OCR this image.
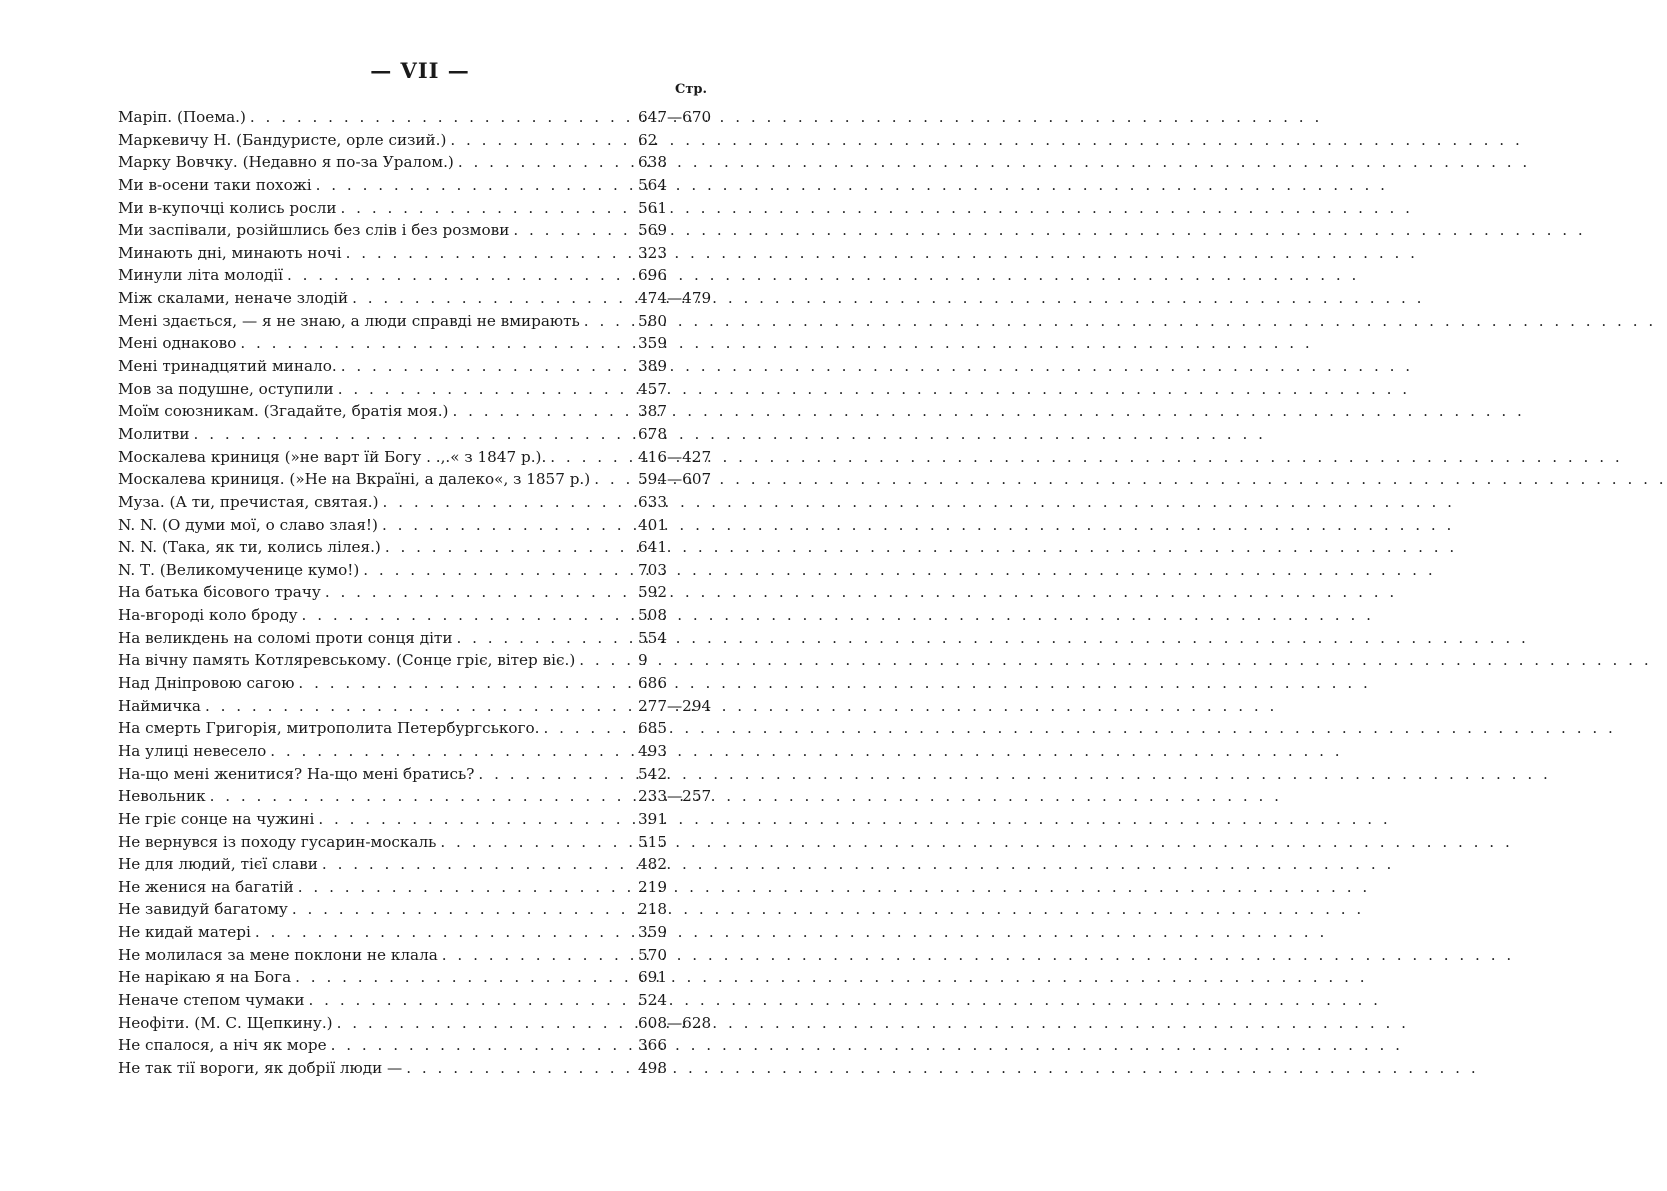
— VII —
Стр.
Маріп. (Поема.) . . .	647—670
Маркевичу Н. (Бандуристе, орле сизий.) . . .	62
Марку Вовчку. (Недавно я по-за Уралом.) . . .	638
Ми в-осени таки похожі . . .	564
Ми в-купочці колись росли . . .	561
Ми заспівали, розійшлись без слів і без розмови . . .	569
Минають дні, минають ночі . . .	323
Минули літа молодії . . .	696
Між скалами, неначе злодій . . .	474—479
Мені здається, — я не знаю, а люди справді не вмирають . . .	580
Мені однаково . . .	359
Мені тринадцятий минало. . . .	389
Мов за подушне, оступили . . .	457
Моїм союзникам. (Згадайте, братія моя.) . . .	387
Молитви . . .	678
Москалева криниця (»не варт їй Богу . .,.« з 1847 р.). . . .	416—427
Москалева криниця. (»Не на Вкраїні, а далеко«, з 1857 р.) . . .	594—607
Муза. (А ти, пречистая, святая.) . . .	633
N. N. (О думи мої, о славо злая!) . . .	401
N. N. (Така, як ти, колись лілея.) . . .	641
N. Т. (Великомученице кумо!) . . .	703
На батька бісового трачу . . .	592
На-вгороді коло броду . . .	508
На великдень на соломі проти сонця діти . . .	554
На вічну память Котляревському. (Сонце гріє, вітер віє.) . . .	9
Над Дніпровою сагою . . .	686
Наймичка . . .	277—294
На смерть Григорія, митрополита Петербургського. . . .	685
На улиці невесело . . .	493
На-що мені женитися? На-що мені братись? . . .	542
Невольник . . .	233—257
Не гріє сонце на чужині . . .	391
Не вернувся із походу гусарин-москаль . . .	515
Не для людий, тієї слави . . .	482
Не женися на багатій . . .	219
Не завидуй багатому . . .	218
Не кидай матері . . .	359
Не молилася за мене поклони не клала . . .	570
Не нарікаю я на Бога . . .	691
Неначе степом чумаки . . .	524
Неофіти. (М. С. Щепкину.) . . .	608—628
Не спалося, а ніч як море . . .	366
Не так тії вороги, як добрії люди — . . .	498
